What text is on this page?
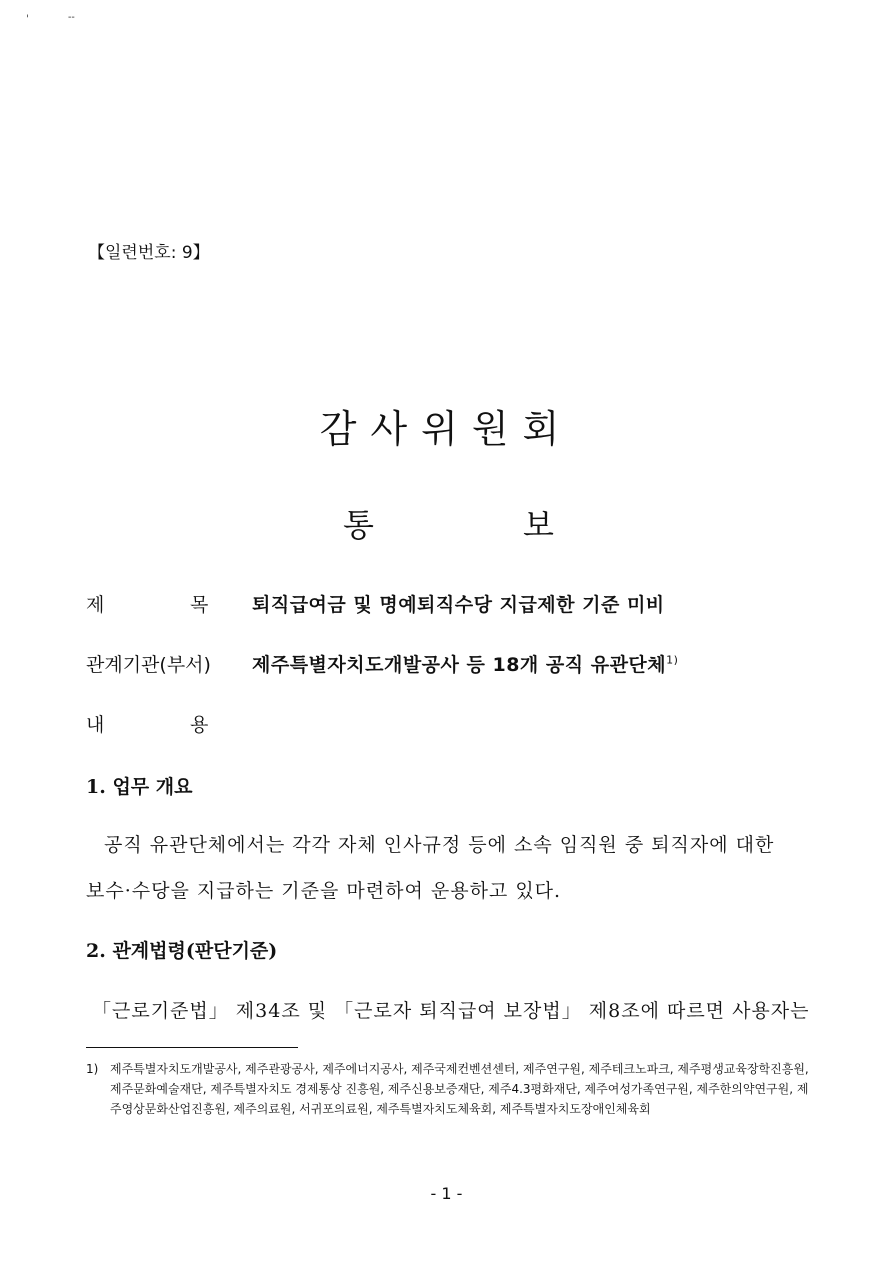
'	-‐
【일련번호: 9】
감사위원회
통	보
제	목 퇴직급여금 및 명예퇴직수당 지급제한 기준 미비
관계기관(부서) 제주특별자치도개발공사 등 18개 공직 유관단체$^{1)}$
내	용
1. 업무 개요
공직 유관단체에서는 각각 자체 인사규정 등에 소속 임직원 중 퇴직자에 대한
보수·수당을 지급하는 기준을 마련하여 운용하고 있다.
2. 관계법령(판단기준)
「근로기준법」 제34조 및 「근로자 퇴직급여 보장법」 제8조에 따르면 사용자는
1) 제주특별자치도개발공사, 제주관광공사, 제주에너지공사, 제주국제컨벤션센터, 제주연구원, 제주테크노파크, 제주평생교육장학진흥원, 제주문화예술재단, 제주특별자치도 경제통상 진흥원, 제주신용보증재단, 제주4.3평화재단, 제주여성가족연구원, 제주한의약연구원, 제주영상문화산업진흥원, 제주의료원, 서귀포의료원, 제주특별자치도체육회, 제주특별자치도장애인체육회
- 1 -
